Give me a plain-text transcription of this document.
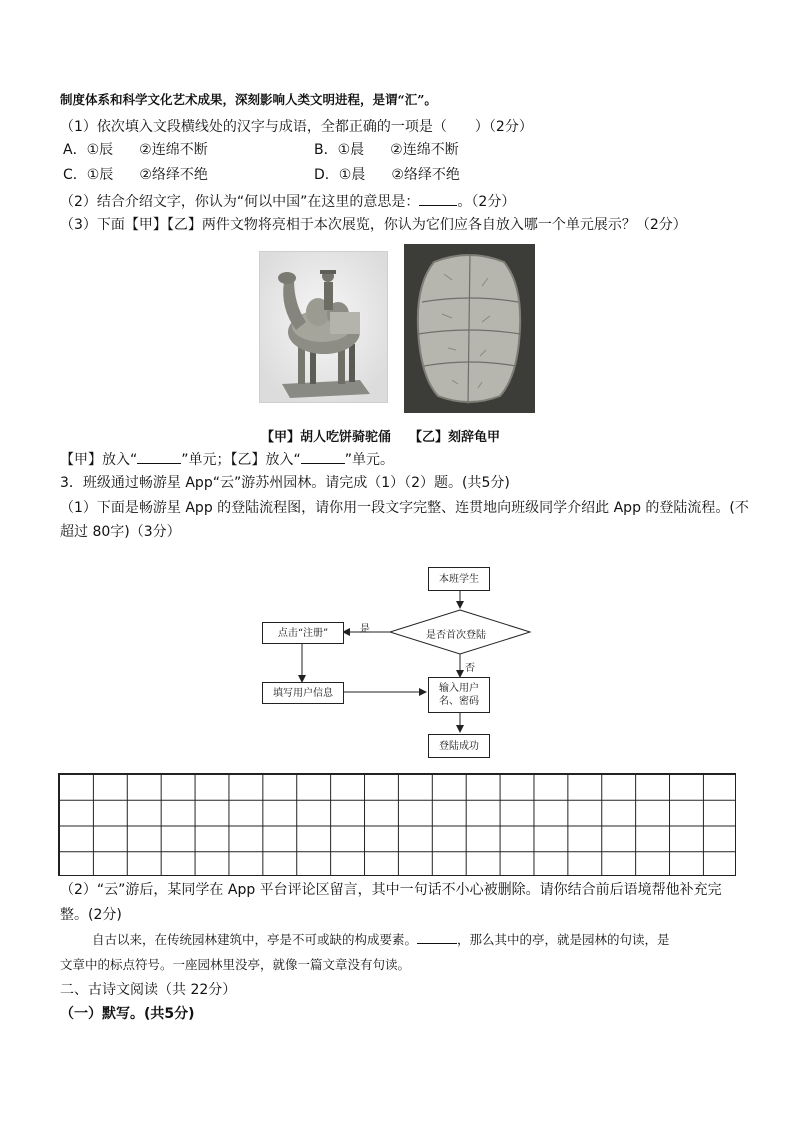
制度体系和科学文化艺术成果，深刻影响人类文明进程，是谓“汇”。
（1）依次填入文段横线处的汉字与成语，全都正确的一项是（　　）（2分）
A．①辰 ②连绵不断	B．①晨 ②连绵不断
C．①辰 ②络绎不绝	D．①晨 ②络绎不绝
（2）结合介绍文字，你认为“何以中国”在这里的意思是：	。（2分）
（3）下面【甲】【乙】两件文物将亮相于本次展览，你认为它们应各自放入哪一个单元展示？（2分）
【甲】胡人吃饼骑驼俑 【乙】刻辞龟甲
【甲】放入“	”单元；【乙】放入“	”单元。
3．班级通过畅游星 App“云”游苏州园林。请完成（1）（2）题。(共5分)
（1）下面是畅游星 App 的登陆流程图，请你用一段文字完整、连贯地向班级同学介绍此 App 的登陆流程。(不
超过 80字)（3分）
本班学生
是否首次登陆
是
否
点击“注册”
填写用户信息	输入用户
名、密码
登陆成功
（2）“云”游后，某同学在 App 平台评论区留言，其中一句话不小心被删除。请你结合前后语境帮他补充完
整。(2分)
自古以来，在传统园林建筑中，亭是不可或缺的构成要素。	，那么其中的亭，就是园林的句读，是
文章中的标点符号。一座园林里没亭，就像一篇文章没有句读。
二、古诗文阅读（共 22分）
（一）默写。(共5分)
